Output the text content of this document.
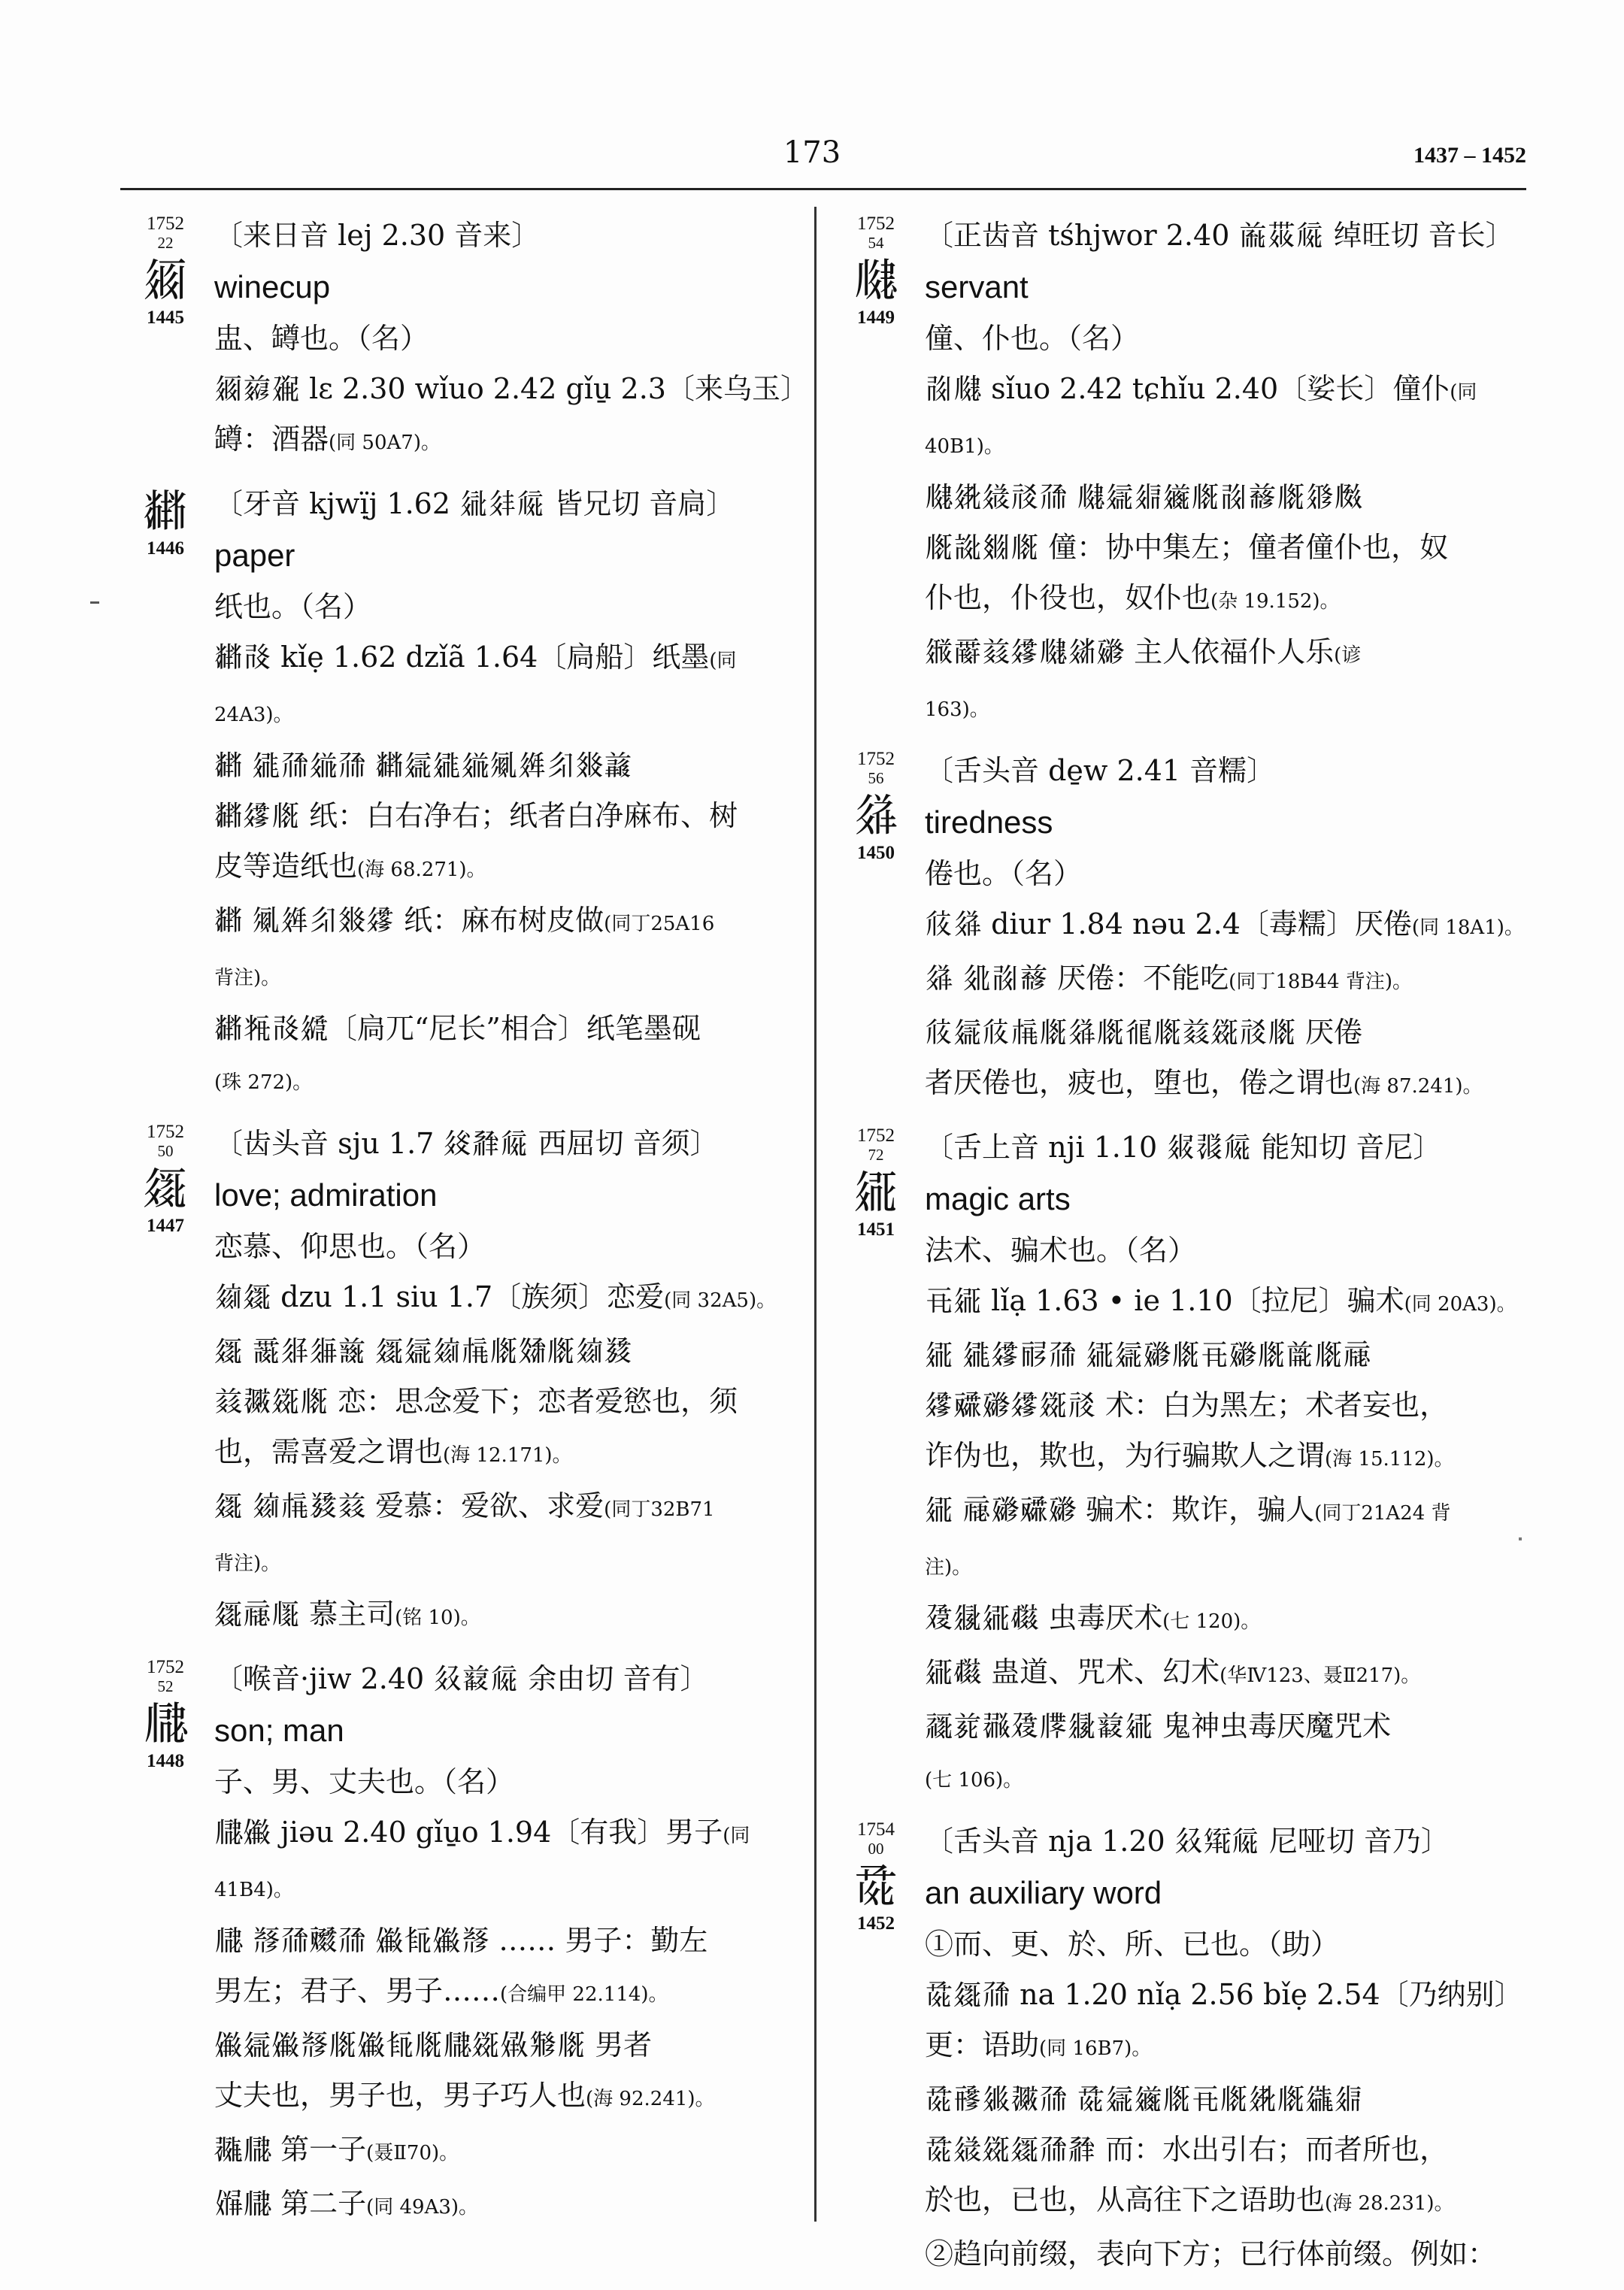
173	1437 – 1452
1752
22
𗥃
1445
〔来日音 lej 2.30 音来〕
winecup
盅、罇也。（名）
𗥃𗑣𗘂 lɛ 2.30 wǐuo 2.42 gǐu̱ 2.3〔来乌玉〕
罇：酒器(同 50A7)。
𘂤
1446
〔牙音 kjwị̈j 1.62 𗣼𗢳𗏁 皆兄切 音扃〕
paper
纸也。（名）
𘂤𗰗 kǐẹ 1.62 dzǐã 1.64〔扃船〕纸墨(同
24A3)。
𘂤 𗧓𗗙𗥤𗗙 𘂤𗦇𗧓𗥤𗏇𗤶𗼃𗾟𗔊
𘂤𗧘𗅋 纸：白右净右；纸者白净麻布、树
皮等造纸也(海 68.271)。
𘂤 𗏇𗤶𗼃𗾟𗧘 纸：麻布树皮做(同丁25A16
背注)。
𘂤𗯖𗰗𗨳〔扃兀“尼长”相合〕纸笔墨砚
(珠 272)。
1752
50
𗧯
1447
〔齿头音 sju 1.7 𗤙𗴂𗏁 西屈切 音须〕
love; admiration
恋慕、仰思也。（名）
𗦻𗧯 dzu 1.1 siu 1.7〔族须〕恋爱(同 32A5)。
𗧯 𗵘𗼋𗼌𗔟 𗧯𗦇𗦻𗍫𗅋𗽀𗅋𗦻𗯿
𗑠𗗂𗧋𗅋 恋：思念爱下；恋者爱慾也，须
也，需喜爱之谓也(海 12.171)。
𗧯 𗦻𗍫𗯿𗑠 爱慕：爱欲、求爱(同丁32B71
背注)。
𗧯𗄊𗅲 慕主司(铭 10)。
1752
52
𗆇
1448
〔喉音·jiw 2.40 𗢰𗔆𗏁 余由切 音有〕
son; man
子、男、丈夫也。（名）
𗆇𗏹 jiəu 2.40 gǐu̱o 1.94〔有我〕男子(同
41B4)。
𗆇 𘃡𗗙𗡝𗗙 𗏹𗺉𗏹𘃡 …… 男子：勤左
男左；君子、男子……(合编甲 22.114)。
𗏹𗦇𗏹𘃡𗅋𗏹𗺉𗅋𗆇𗧋𗏣𗊬𗅋 男者
丈夫也，男子也，男子巧人也(海 92.241)。
𗖵𗆇 第一子(聂Ⅱ70)。
𗏵𗆇 第二子(同 49A3)。
1752
54
𗆋
1449
〔正齿音 tśhjwor 2.40 𗑝𗚩𗏁 绰旺切 音长〕
servant
僮、仆也。（名）
𗰖𗆋 sǐuo 2.42 tɕhǐu 2.40〔娑长〕僮仆(同
40B1)。
𗆋𗣈𗧊𗘼𗗙 𗆋𗦇𗤋𗫂𗅋𗰖𗒘𗅋𗤁𗆃
𗅋𘀍𗾞𗅋 僮：协中集左；僮者僮仆也，奴
仆也，仆役也，奴仆也(杂 19.152)。
𗨽𗵣𗑠𗧘𗆋𗣫𗡪 主人依福仆人乐(谚
163)。
1752
56
𗥭
1450
〔舌头音 de̱w 2.41 音糯〕
tiredness
倦也。（名）
𗎽𗥭 diur 1.84 nəu 2.4〔毒糯〕厌倦(同 18A1)。
𗥭 𗢭𗰖𗒘 厌倦：不能吃(同丁18B44 背注)。
𗎽𗦇𗎽𗍫𗅋𗥭𗅋𗢛𗅋𗑠𗧋𗘼𗅋 厌倦
者厌倦也，疲也，堕也，倦之谓也(海 87.241)。
1752
72
𗥲
1451
〔舌上音 nji 1.10 𗤒𗖞𗏁 能知切 音尼〕
magic arts
法术、骗术也。（名）
𗸕𗥲 lǐạ 1.63 • ie 1.10〔拉尼〕骗术(同 20A3)。
𗥲 𗧓𗧘𗟲𗗙 𗥲𗦇𗡪𗅋𗸕𗡪𗅋𗑻𗅋𗄊
𗧘𗡇𗡪𗧘𗧋𗘼 术：白为黑左；术者妄也，
诈伪也，欺也，为行骗欺人之谓(海 15.112)。
𗥲 𗄊𗡪𗡇𗡪 骗术：欺诈，骗人(同丁21A24 背
注)。
𗗿𗼑𗥲𗎖 虫毒厌术(七 120)。
𗥲𗎖 蛊道、咒术、幻术(华Ⅳ123、聂Ⅱ217)。
𗹙𗐱𗖻𗗿𗅮𗼑𗔆𗥲 鬼神虫毒厌魔咒术
(七 106)。
1754
00
𗱕
1452
〔舌头音 nja 1.20 𗢰𗋕𗏁 尼哑切 音乃〕
an auxiliary word
①而、更、於、所、已也。（助）
𗱕𗧯𗗙 na 1.20 nǐạ 2.56 bǐẹ 2.54〔乃纳别〕
更：语助(同 16B7)。
𗱕𗟭𗤍𗗂𗗙 𗱕𗦇𗫂𗅋𗸕𗅋𗣈𗅋𗪘𗤋
𗱕𗧊𗧋𗧯𗗙𗴂 而：水出引右；而者所也，
於也，已也，从高往下之语助也(海 28.231)。
②趋向前缀，表向下方；已行体前缀。例如：
